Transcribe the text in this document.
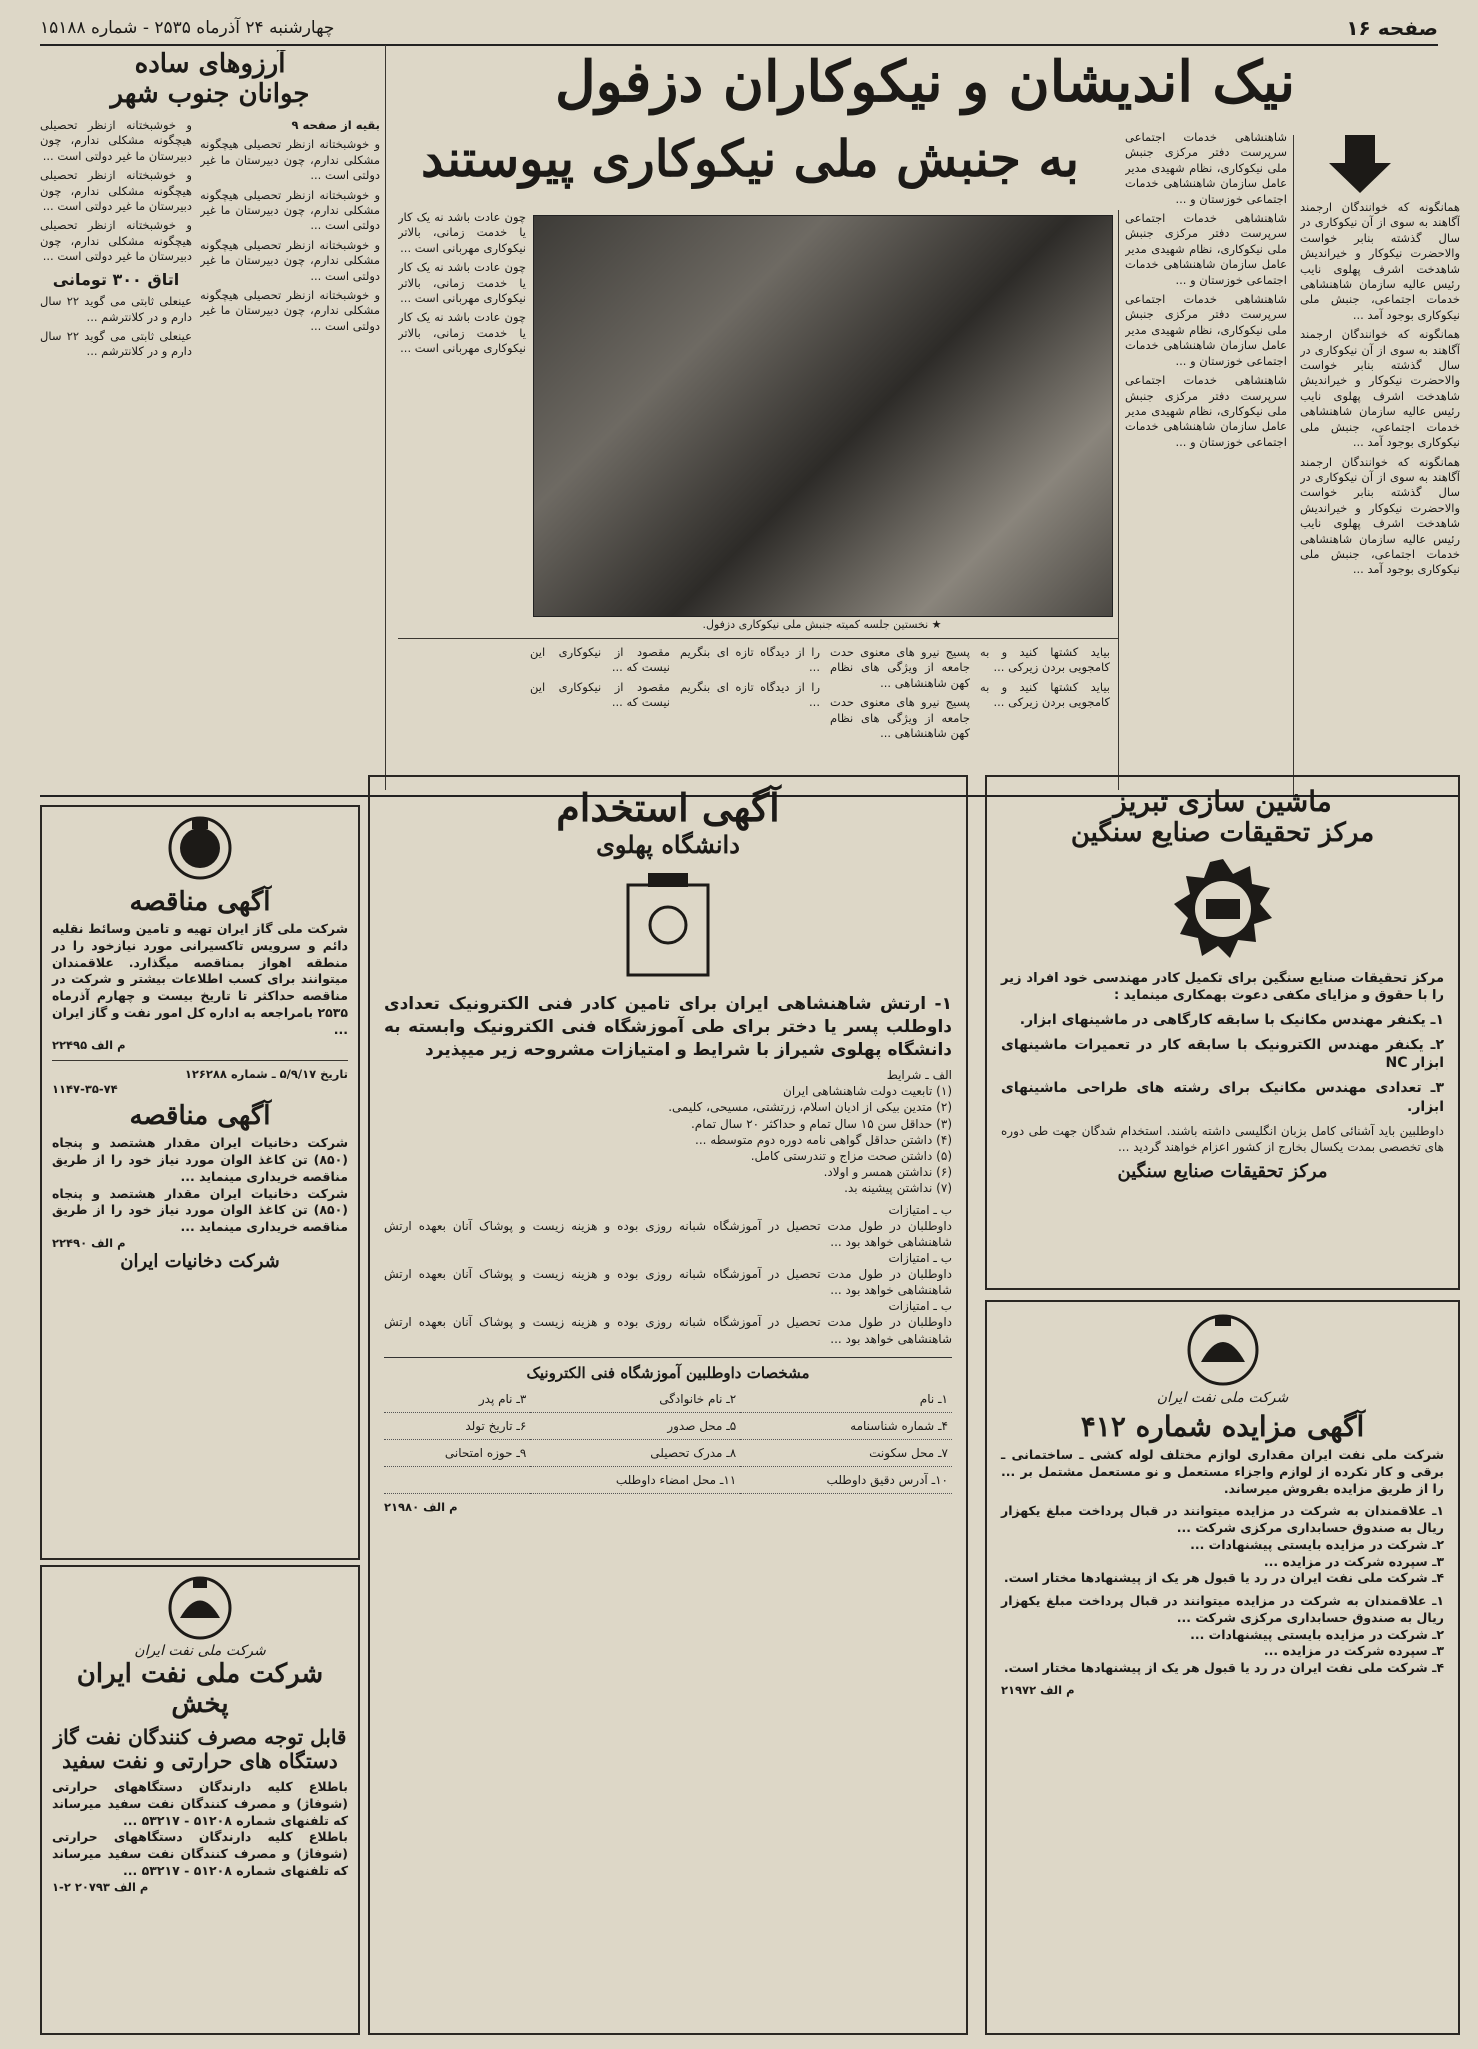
صفحه ۱۶
چهارشنبه ۲۴ آذرماه ۲۵۳۵ - شماره ۱۵۱۸۸
نیک اندیشان و نیکوکاران دزفول
به جنبش ملی نیکوکاری پیوستند

همانگونه که خوانندگان ارجمند آگاهند به سوی از آن نیکوکاری در سال گذشته بنابر خواست والاحضرت نیکوکار و خیراندیش شاهدخت اشرف پهلوی نایب رئیس عالیه سازمان شاهنشاهی خدمات اجتماعی، جنبش ملی نیکوکاری بوجود آمد ...

همانگونه که خوانندگان ارجمند آگاهند به سوی از آن نیکوکاری در سال گذشته بنابر خواست والاحضرت نیکوکار و خیراندیش شاهدخت اشرف پهلوی نایب رئیس عالیه سازمان شاهنشاهی خدمات اجتماعی، جنبش ملی نیکوکاری بوجود آمد ...

همانگونه که خوانندگان ارجمند آگاهند به سوی از آن نیکوکاری در سال گذشته بنابر خواست والاحضرت نیکوکار و خیراندیش شاهدخت اشرف پهلوی نایب رئیس عالیه سازمان شاهنشاهی خدمات اجتماعی، جنبش ملی نیکوکاری بوجود آمد ...

شاهنشاهی خدمات اجتماعی سرپرست دفتر مرکزی جنبش ملی نیکوکاری، نظام شهیدی مدیر عامل سازمان شاهنشاهی خدمات اجتماعی خوزستان و ...

شاهنشاهی خدمات اجتماعی سرپرست دفتر مرکزی جنبش ملی نیکوکاری، نظام شهیدی مدیر عامل سازمان شاهنشاهی خدمات اجتماعی خوزستان و ...

شاهنشاهی خدمات اجتماعی سرپرست دفتر مرکزی جنبش ملی نیکوکاری، نظام شهیدی مدیر عامل سازمان شاهنشاهی خدمات اجتماعی خوزستان و ...

شاهنشاهی خدمات اجتماعی سرپرست دفتر مرکزی جنبش ملی نیکوکاری، نظام شهیدی مدیر عامل سازمان شاهنشاهی خدمات اجتماعی خوزستان و ...

★ نخستین جلسه کمیته جنبش ملی نیکوکاری دزفول.

چون عادت باشد نه یک کار یا خدمت زمانی، بالاتر نیکوکاری مهربانی است ...

چون عادت باشد نه یک کار یا خدمت زمانی، بالاتر نیکوکاری مهربانی است ...

چون عادت باشد نه یک کار یا خدمت زمانی، بالاتر نیکوکاری مهربانی است ...

بیاید کشتها کنید و به کامجویی بردن زیرکی ...

بیاید کشتها کنید و به کامجویی بردن زیرکی ...

پسیج نیرو های معنوی حدت جامعه از ویژگی های نظام کهن شاهنشاهی ...

پسیج نیرو های معنوی حدت جامعه از ویژگی های نظام کهن شاهنشاهی ...

را از دیدگاه تازه ای بنگریم ...

را از دیدگاه تازه ای بنگریم ...

مقصود از نیکوکاری این نیست که ...

مقصود از نیکوکاری این نیست که ...

آرزوهای ساده
جوانان جنوب شهر

بقیه از صفحه ۹

و خوشبختانه ازنظر تحصیلی هیچگونه مشکلی ندارم، چون دبیرستان ما غیر دولتی است ...

و خوشبختانه ازنظر تحصیلی هیچگونه مشکلی ندارم، چون دبیرستان ما غیر دولتی است ...

و خوشبختانه ازنظر تحصیلی هیچگونه مشکلی ندارم، چون دبیرستان ما غیر دولتی است ...

و خوشبختانه ازنظر تحصیلی هیچگونه مشکلی ندارم، چون دبیرستان ما غیر دولتی است ...

و خوشبختانه ازنظر تحصیلی هیچگونه مشکلی ندارم، چون دبیرستان ما غیر دولتی است ...

و خوشبختانه ازنظر تحصیلی هیچگونه مشکلی ندارم، چون دبیرستان ما غیر دولتی است ...

و خوشبختانه ازنظر تحصیلی هیچگونه مشکلی ندارم، چون دبیرستان ما غیر دولتی است ...

اتاق ۳۰۰ تومانی

عینعلی ثابتی می گوید ۲۲ سال دارم و در کلانترشم ...

عینعلی ثابتی می گوید ۲۲ سال دارم و در کلانترشم ...

آگهی مناقصه
شرکت ملی گاز ایران تهیه و تامین وسائط نقلیه دائم و سرویس تاکسیرانی مورد نیازخود را در منطقه اهواز بمناقصه میگذارد. علاقمندان میتوانند برای کسب اطلاعات بیشتر و شرکت در مناقصه حداکثر تا تاریخ بیست و چهارم آذرماه ۲۵۳۵ بامراجعه به اداره کل امور نفت و گاز ایران ...
م الف ۲۲۴۹۵
تاریخ ۵/۹/۱۷ ـ شماره ۱۲۶۲۸۸
۱۱۴۷-۳۵-۷۴
آگهی مناقصه
شرکت دخانیات ایران مقدار هشتصد و پنجاه (۸۵۰) تن کاغذ الوان مورد نیاز خود را از طریق مناقصه خریداری مینماید ...
شرکت دخانیات ایران مقدار هشتصد و پنجاه (۸۵۰) تن کاغذ الوان مورد نیاز خود را از طریق مناقصه خریداری مینماید ...
م الف ۲۲۴۹۰
شرکت دخانیات ایران
شرکت ملی نفت ایران
شرکت ملی نفت ایران پخش
قابل توجه مصرف کنندگان نفت گاز دستگاه های حرارتی و نفت سفید
باطلاع کلیه دارندگان دستگاههای حرارتی (شوفاژ) و مصرف کنندگان نفت سفید میرساند که تلفنهای شماره ۵۱۲۰۸ - ۵۳۲۱۷ ...
باطلاع کلیه دارندگان دستگاههای حرارتی (شوفاژ) و مصرف کنندگان نفت سفید میرساند که تلفنهای شماره ۵۱۲۰۸ - ۵۳۲۱۷ ...
م الف ۲۰۷۹۳ ۲-۱
آگهی استخدام
دانشگاه پهلوی
۱- ارتش شاهنشاهی ایران برای تامین کادر فنی الکترونیک تعدادی داوطلب پسر یا دختر برای طی آموزشگاه فنی الکترونیک وابسته به دانشگاه پهلوی شیراز با شرایط و امتیازات مشروحه زیر میپذیرد
الف ـ شرایط
(۱) تابعیت دولت شاهنشاهی ایران
(۲) متدین بیکی از ادیان اسلام، زرتشتی، مسیحی، کلیمی.
(۳) حداقل سن ۱۵ سال تمام و حداکثر ۲۰ سال تمام.
(۴) داشتن حداقل گواهی نامه دوره دوم متوسطه ...
(۵) داشتن صحت مزاج و تندرستی کامل.
(۶) نداشتن همسر و اولاد.
(۷) نداشتن پیشینه بد.
ب ـ امتیازات
داوطلبان در طول مدت تحصیل در آموزشگاه شبانه روزی بوده و هزینه زیست و پوشاک آنان بعهده ارتش شاهنشاهی خواهد بود ...
ب ـ امتیازات
داوطلبان در طول مدت تحصیل در آموزشگاه شبانه روزی بوده و هزینه زیست و پوشاک آنان بعهده ارتش شاهنشاهی خواهد بود ...
ب ـ امتیازات
داوطلبان در طول مدت تحصیل در آموزشگاه شبانه روزی بوده و هزینه زیست و پوشاک آنان بعهده ارتش شاهنشاهی خواهد بود ...
مشخصات داوطلبین آموزشگاه فنی الکترونیک
۱ـ نام	۲ـ نام خانوادگی	۳ـ نام پدر
۴ـ شماره شناسنامه	۵ـ محل صدور	۶ـ تاریخ تولد
۷ـ محل سکونت	۸ـ مدرک تحصیلی	۹ـ حوزه امتحانی
۱۰ـ آدرس دقیق داوطلب	۱۱ـ محل امضاء داوطلب	
م الف ۲۱۹۸۰
ماشین سازی تبریز
مرکز تحقیقات صنایع سنگین
مرکز تحقیقات صنایع سنگین برای تکمیل کادر مهندسی خود افراد زیر را با حقوق و مزایای مکفی دعوت بهمکاری مینماید :
۱ـ یکنفر مهندس مکانیک با سابقه کارگاهی در ماشینهای ابزار.
۲ـ یکنفر مهندس الکترونیک با سابقه کار در تعمیرات ماشینهای ابزار NC
۳ـ تعدادی مهندس مکانیک برای رشته های طراحی ماشینهای ابزار.
داوطلبین باید آشنائی کامل بزبان انگلیسی داشته باشند. استخدام شدگان جهت طی دوره های تخصصی بمدت یکسال بخارج از کشور اعزام خواهند گردید ...
مرکز تحقیقات صنایع سنگین
شرکت ملی نفت ایران
آگهی مزایده شماره ۴۱۲
شرکت ملی نفت ایران مقداری لوازم مختلف لوله کشی ـ ساختمانی ـ برقی و کار نکرده از لوازم واجزاء مستعمل و نو مستعمل مشتمل بر ... را از طریق مزایده بفروش میرساند.
۱ـ علاقمندان به شرکت در مزایده میتوانند در قبال پرداخت مبلغ یکهزار ریال به صندوق حسابداری مرکزی شرکت ...
۲ـ شرکت در مزایده بایستی پیشنهادات ...
۳ـ سپرده شرکت در مزایده ...
۴ـ شرکت ملی نفت ایران در رد یا قبول هر یک از پیشنهادها مختار است.
۱ـ علاقمندان به شرکت در مزایده میتوانند در قبال پرداخت مبلغ یکهزار ریال به صندوق حسابداری مرکزی شرکت ...
۲ـ شرکت در مزایده بایستی پیشنهادات ...
۳ـ سپرده شرکت در مزایده ...
۴ـ شرکت ملی نفت ایران در رد یا قبول هر یک از پیشنهادها مختار است.
م الف ۲۱۹۷۲
